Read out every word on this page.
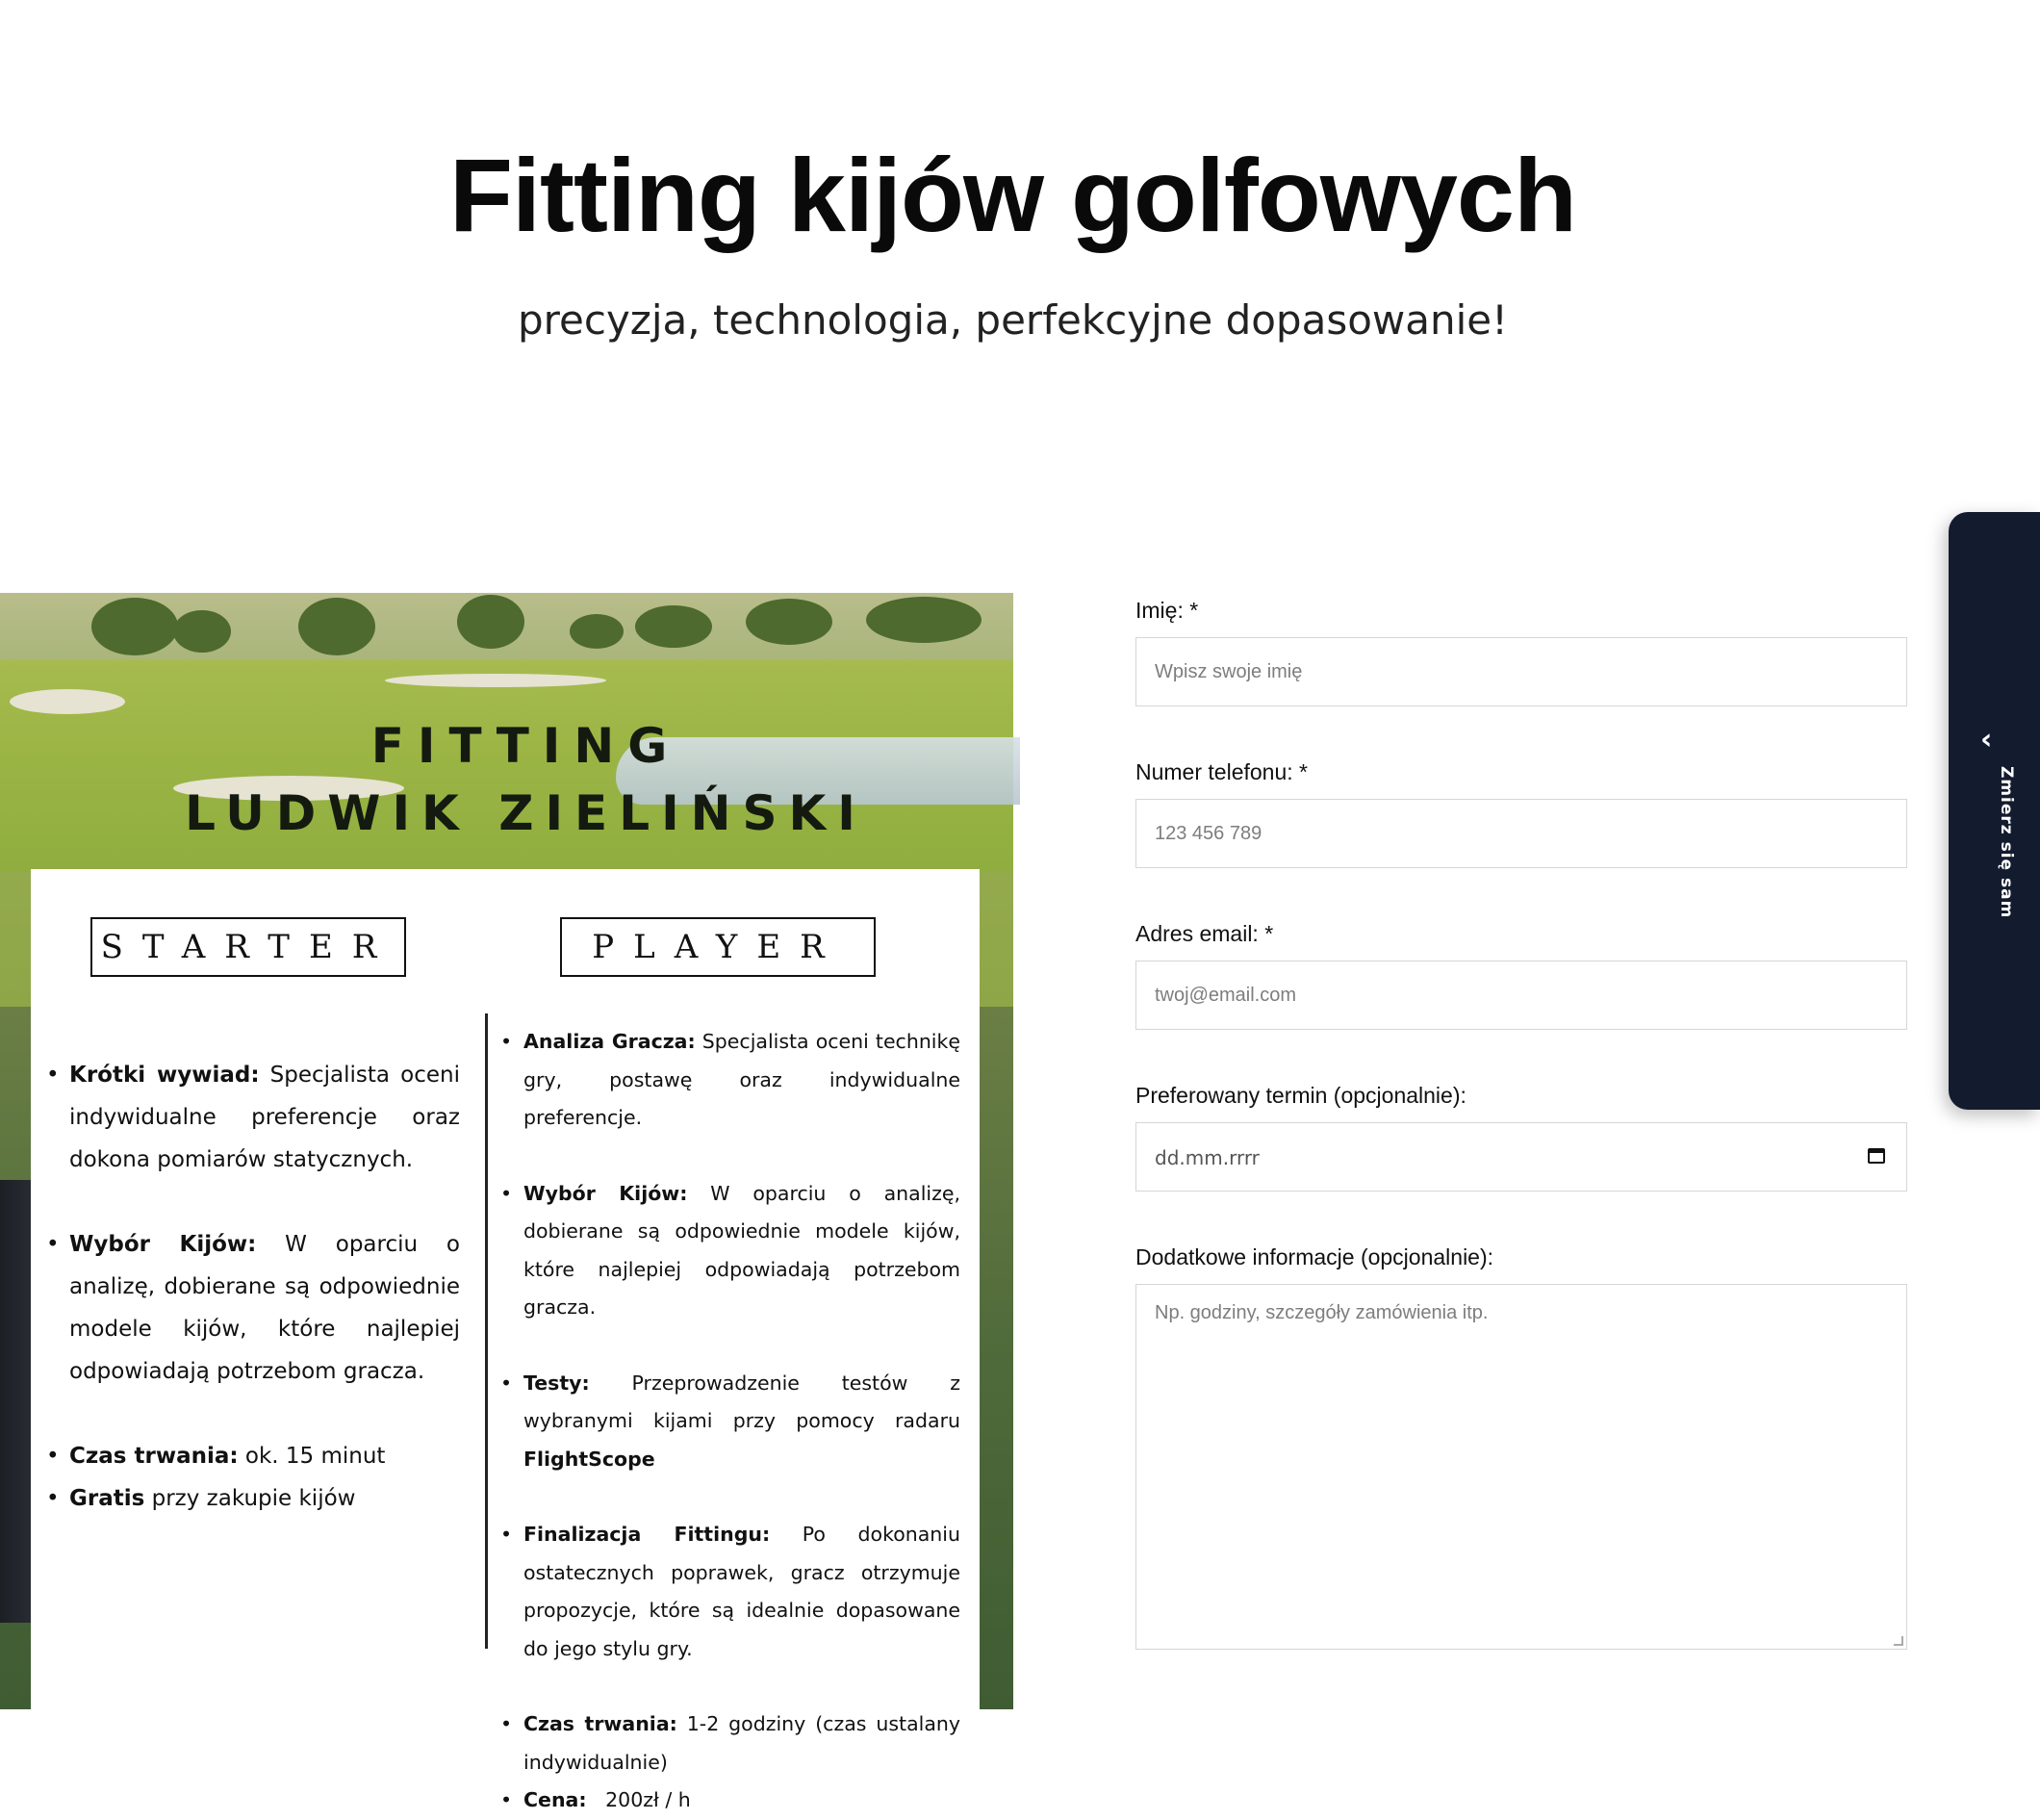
Fitting kijów golfowych

precyzja, technologia, perfekcyjne dopasowanie!

FITTING

LUDWIK ZIELIŃSKI

STARTER	PLAYER
• Krótki wywiad: Specjalista oceni indywidualne preferencje oraz dokona pomiarów statycznych.
• Wybór Kijów: W oparciu o analizę, dobierane są odpowiednie modele kijów, które najlepiej odpowiadają potrzebom gracza.
• Czas trwania: ok. 15 minut
• Gratis przy zakupie kijów
• Analiza Gracza: Specjalista oceni technikę gry, postawę oraz indywidualne preferencje.
• Wybór Kijów: W oparciu o analizę, dobierane są odpowiednie modele kijów, które najlepiej odpowiadają potrzebom gracza.
• Testy: Przeprowadzenie testów z wybranymi kijami przy pomocy radaru FlightScope
• Finalizacja Fittingu: Po dokonaniu ostatecznych poprawek, gracz otrzymuje propozycje, które są idealnie dopasowane do jego stylu gry.
• Czas trwania: 1-2 godziny (czas ustalany indywidualnie)
• Cena:   200zł / h
Imię: *
Wpisz swoje imię
Numer telefonu: *
123 456 789
Adres email: *
twoj@email.com
Preferowany termin (opcjonalnie):
dd.mm.rrrr
Dodatkowe informacje (opcjonalnie):
Np. godziny, szczegóły zamówienia itp.
‹
Zmierz się sam
